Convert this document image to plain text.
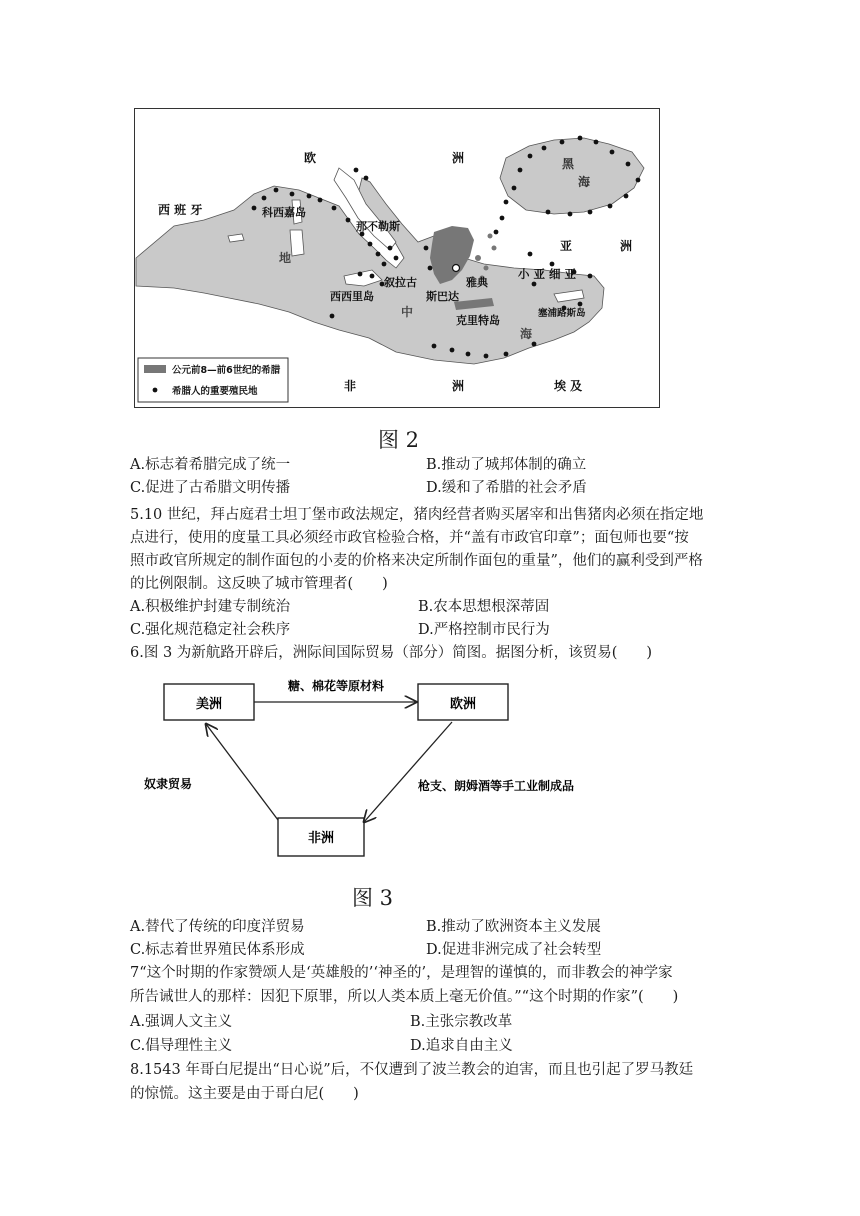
欧	洲
西 班 牙	科西嘉岛
那不勒斯
黑
海
亚	洲
地
中
海
小 亚 细 亚
叙拉古
西西里岛	斯巴达
雅典
克里特岛
塞浦路斯岛
非	洲	埃 及
公元前8—前6世纪的希腊
希腊人的重要殖民地
图 2
A.标志着希腊完成了统一	B.推动了城邦体制的确立
C.促进了古希腊文明传播	D.缓和了希腊的社会矛盾
5.10 世纪，拜占庭君士坦丁堡市政法规定，猪肉经营者购买屠宰和出售猪肉必须在指定地
点进行，使用的度量工具必须经市政官检验合格，并“盖有市政官印章”；面包师也要“按
照市政官所规定的制作面包的小麦的价格来决定所制作面包的重量”，他们的赢利受到严格
的比例限制。这反映了城市管理者(　　)
A.积极维护封建专制统治	B.农本思想根深蒂固
C.强化规范稳定社会秩序	D.严格控制市民行为
6.图 3 为新航路开辟后，洲际间国际贸易（部分）简图。据图分析，该贸易(　　)
美洲	欧洲
非洲
糖、棉花等原材料
奴隶贸易	枪支、朗姆酒等手工业制成品
图 3
A.替代了传统的印度洋贸易	B.推动了欧洲资本主义发展
C.标志着世界殖民体系形成	D.促进非洲完成了社会转型
7“这个时期的作家赞颂人是‘英雄般的’‘神圣的’，是理智的谨慎的，而非教会的神学家
所告诫世人的那样：因犯下原罪，所以人类本质上毫无价值。”“这个时期的作家”(　　)
A.强调人文主义	B.主张宗教改革
C.倡导理性主义	D.追求自由主义
8.1543 年哥白尼提出“日心说”后，不仅遭到了波兰教会的迫害，而且也引起了罗马教廷
的惊慌。这主要是由于哥白尼(　　)
